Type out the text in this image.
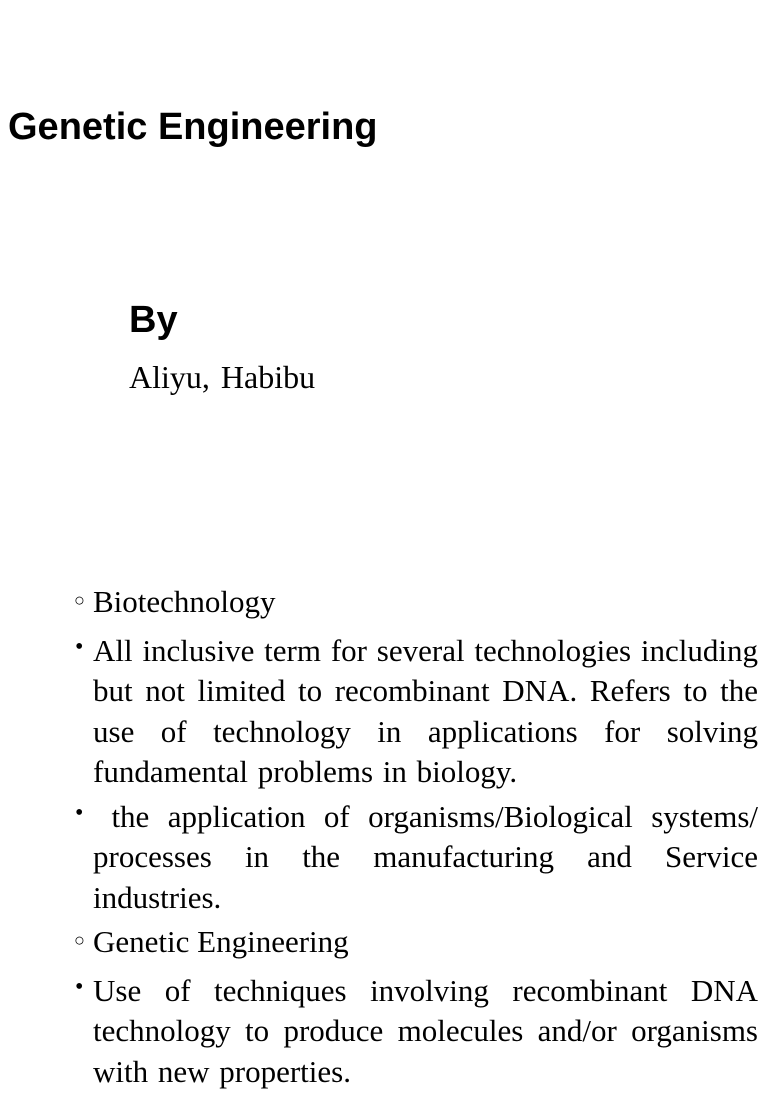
Genetic Engineering
By
Aliyu, Habibu
○ Biotechnology
• All inclusive term for several technologies including but not limited to recombinant DNA. Refers to the use of technology in applications for solving fundamental problems in biology.
• the application of organisms/Biological systems/ processes in the manufacturing and Service industries.
○ Genetic Engineering
• Use of techniques involving recombinant DNA technology to produce molecules and/or organisms with new properties.
